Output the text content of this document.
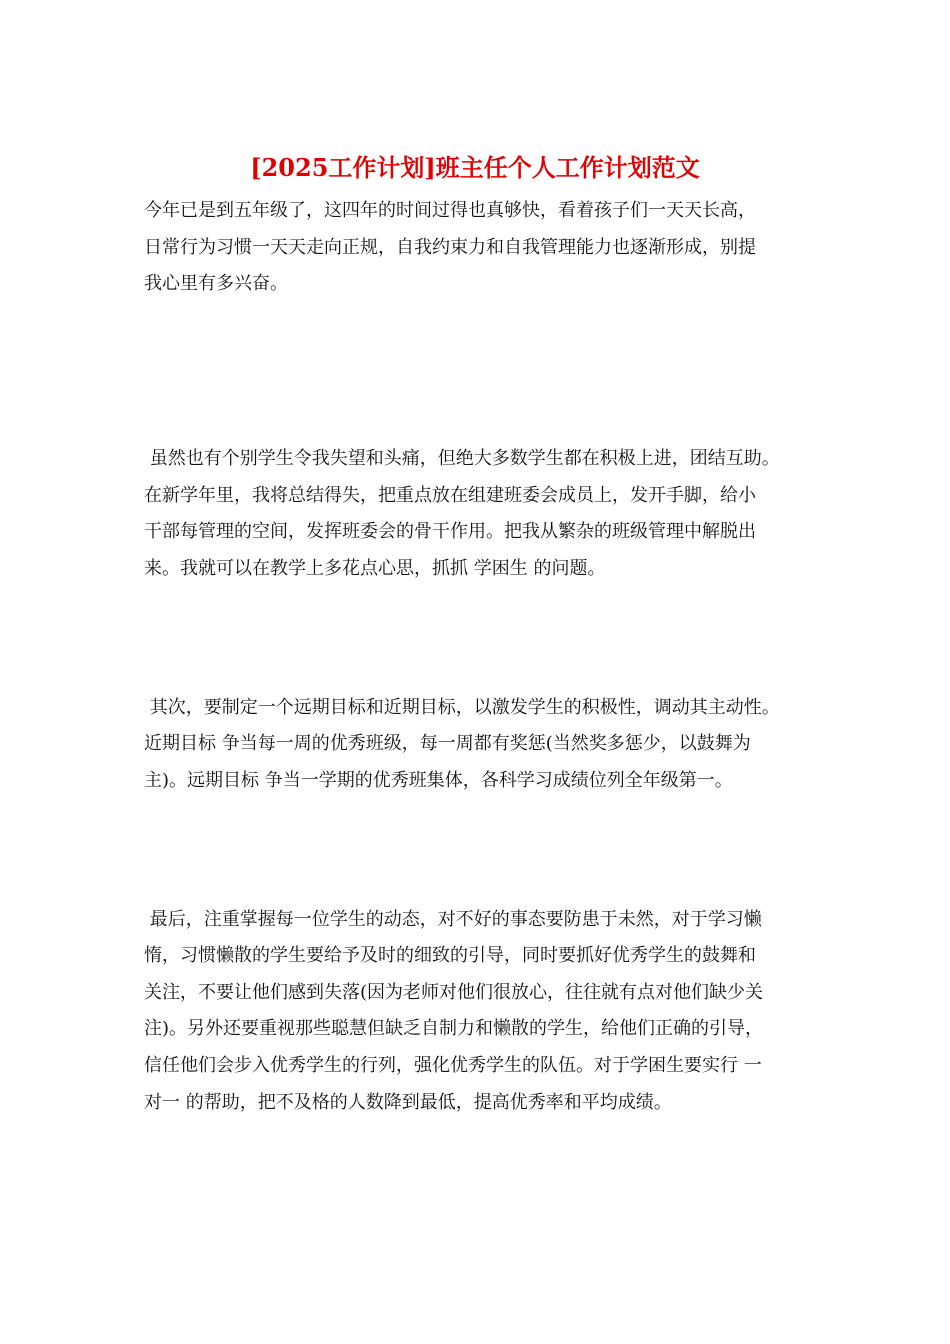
[2025工作计划]班主任个人工作计划范文
今年已是到五年级了，这四年的时间过得也真够快，看着孩子们一天天长高，
日常行为习惯一天天走向正规，自我约束力和自我管理能力也逐渐形成，别提
我心里有多兴奋。
虽然也有个别学生令我失望和头痛，但绝大多数学生都在积极上进，团结互助。
在新学年里，我将总结得失，把重点放在组建班委会成员上，发开手脚，给小
干部每管理的空间，发挥班委会的骨干作用。把我从繁杂的班级管理中解脱出
来。我就可以在教学上多花点心思，抓抓 学困生 的问题。
其次，要制定一个远期目标和近期目标，以激发学生的积极性，调动其主动性。
近期目标 争当每一周的优秀班级，每一周都有奖惩(当然奖多惩少，以鼓舞为
主)。远期目标 争当一学期的优秀班集体，各科学习成绩位列全年级第一。
最后，注重掌握每一位学生的动态，对不好的事态要防患于未然，对于学习懒
惰，习惯懒散的学生要给予及时的细致的引导，同时要抓好优秀学生的鼓舞和
关注，不要让他们感到失落(因为老师对他们很放心，往往就有点对他们缺少关
注)。另外还要重视那些聪慧但缺乏自制力和懒散的学生，给他们正确的引导，
信任他们会步入优秀学生的行列，强化优秀学生的队伍。对于学困生要实行 一
对一 的帮助，把不及格的人数降到最低，提高优秀率和平均成绩。
